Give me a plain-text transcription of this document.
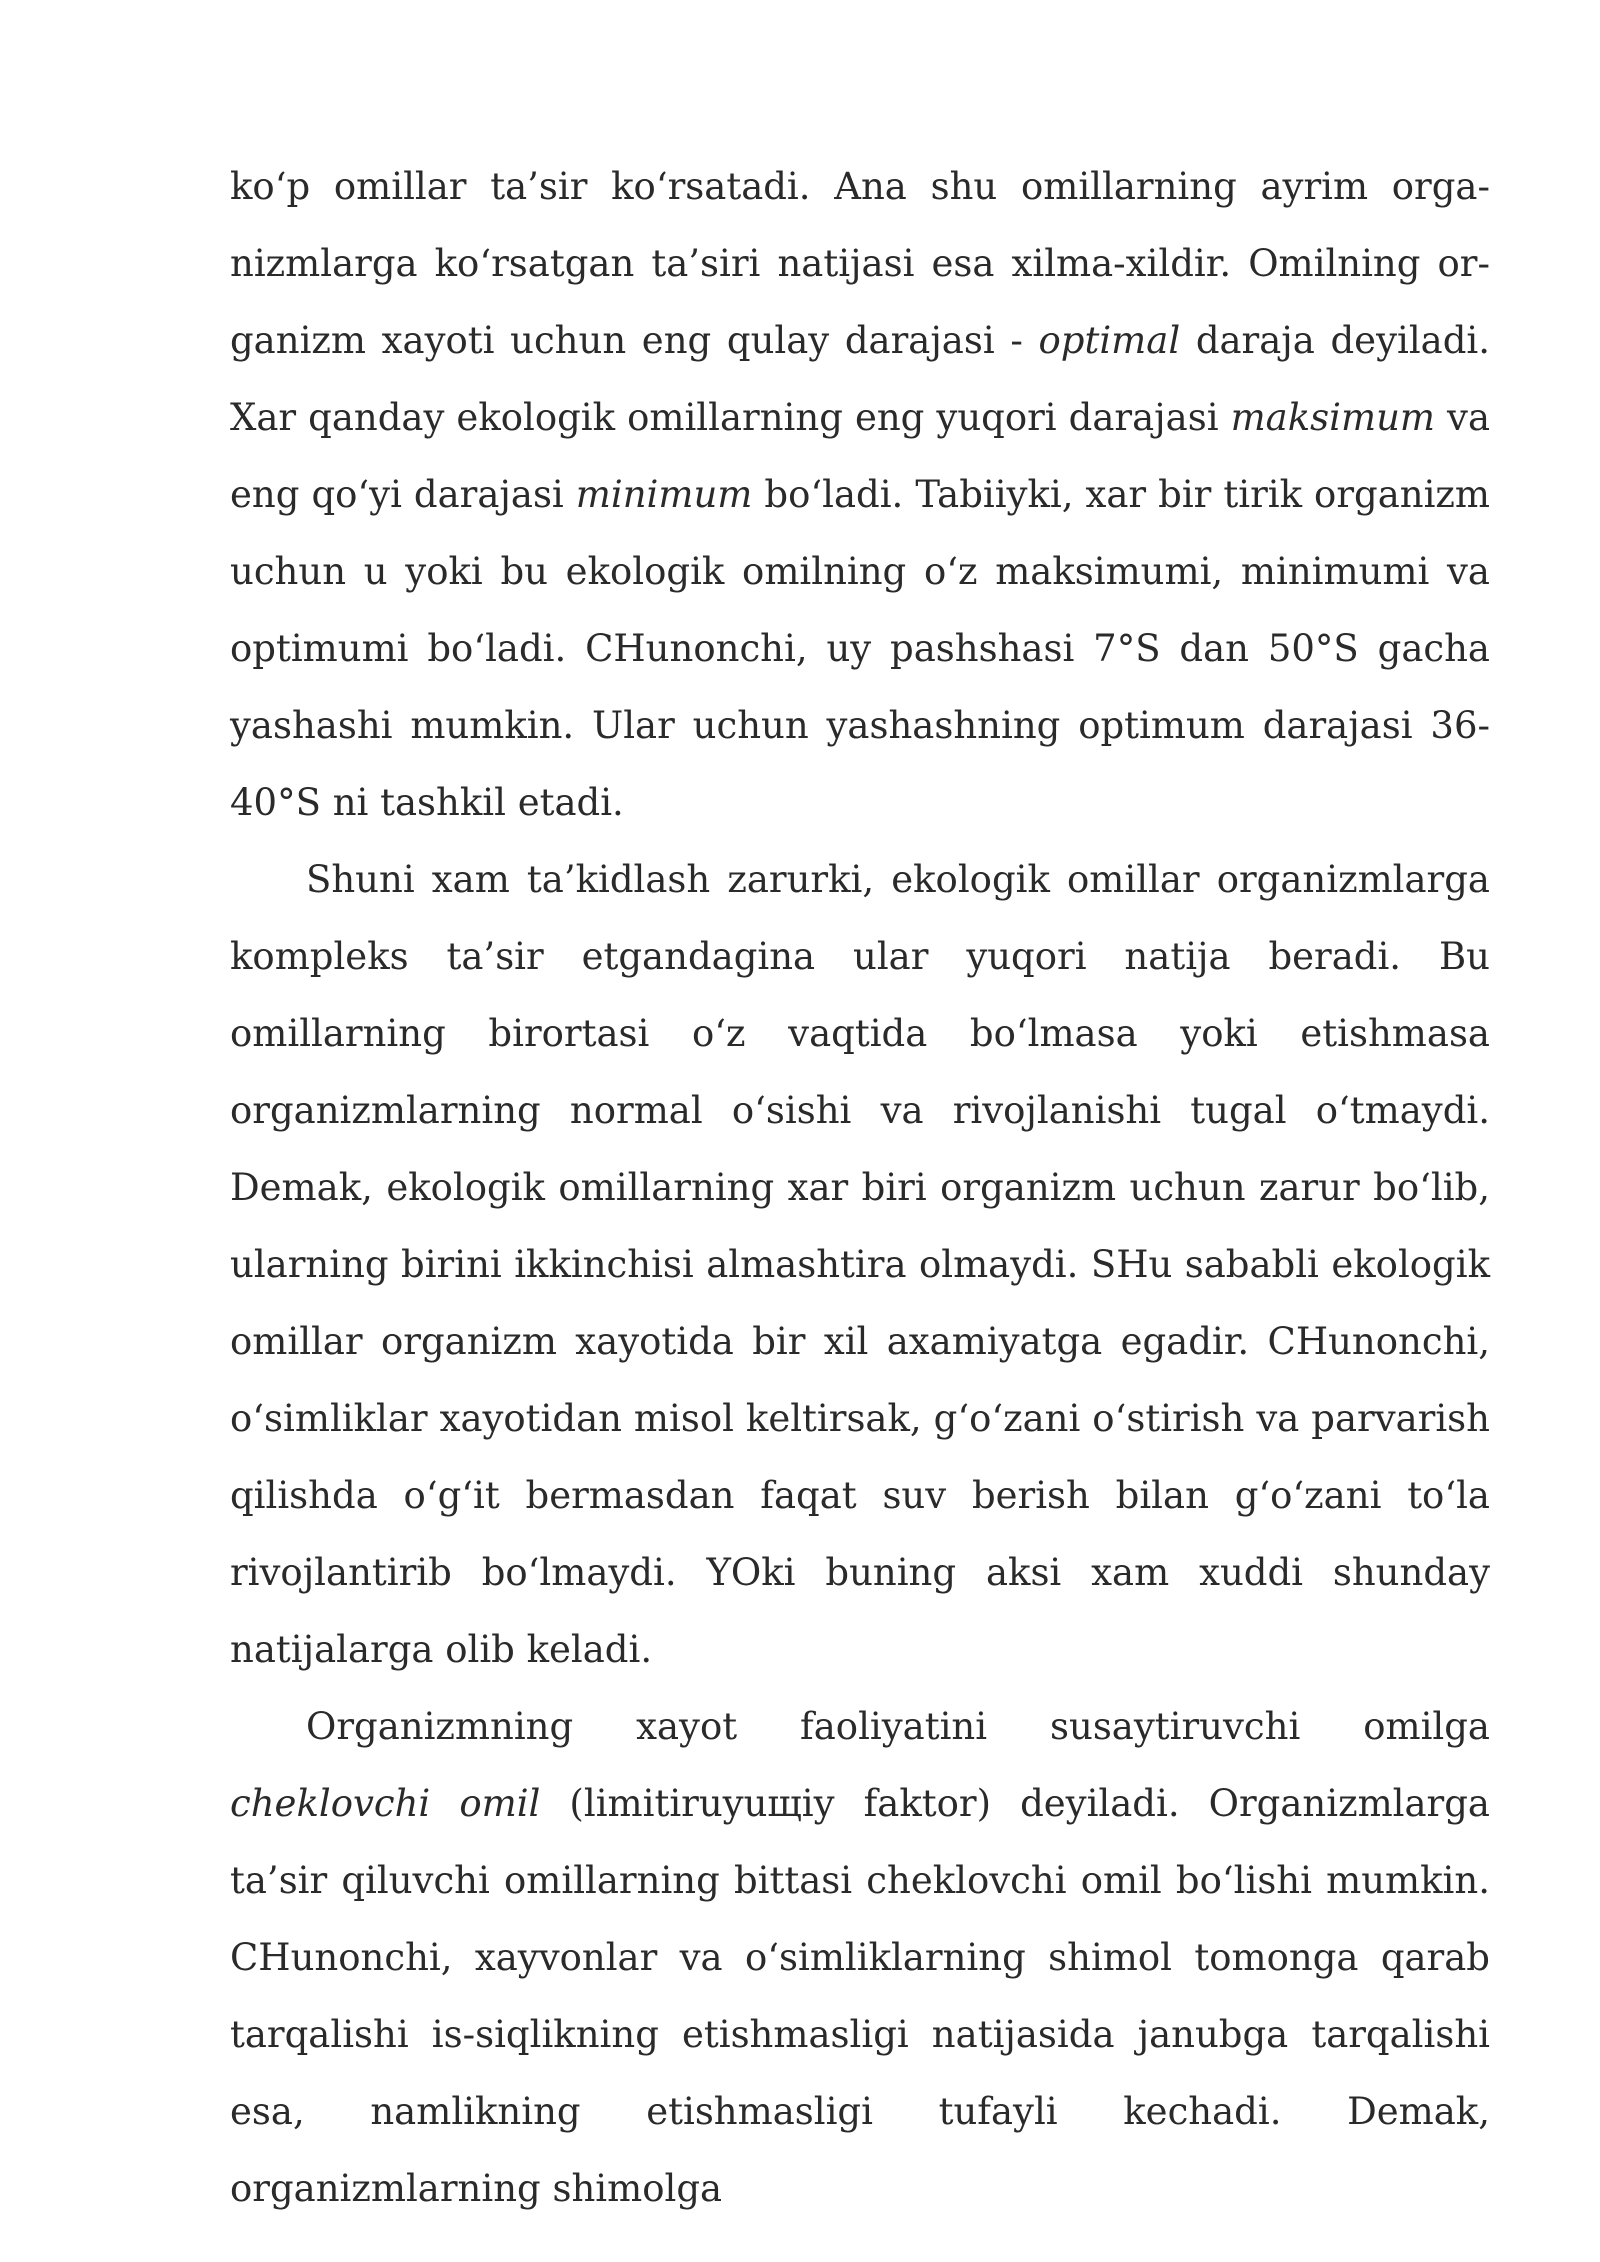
ko‘p omillar ta’sir ko‘rsatadi. Ana shu omillarning ayrim orga-nizmlarga ko‘rsatgan ta’siri natijasi esa xilma-xildir. Omilning or-ganizm xayoti uchun eng qulay darajasi - optimal daraja deyiladi. Xar qanday ekologik omillarning eng yuqori darajasi maksimum va eng qo‘yi darajasi minimum bo‘ladi. Tabiiyki, xar bir tirik organizm uchun u yoki bu ekologik omilning o‘z maksimumi, minimumi va optimumi bo‘ladi. CHunonchi, uy pashshasi 7°S dan 50°S gacha yashashi mumkin. Ular uchun yashashning optimum darajasi 36-40°S ni tashkil etadi.

Shuni xam ta’kidlash zarurki, ekologik omillar organizmlarga kompleks ta’sir etgandagina ular yuqori natija beradi. Bu omillarning birortasi o‘z vaqtida bo‘lmasa yoki etishmasa organizmlarning normal o‘sishi va rivojlanishi tugal o‘tmaydi. Demak, ekologik omillarning xar biri organizm uchun zarur bo‘lib, ularning birini ikkinchisi almashtira olmaydi. SHu sababli ekologik omillar organizm xayotida bir xil axamiyatga egadir. CHunonchi, o‘simliklar xayotidan misol keltirsak, g‘o‘zani o‘stirish va parvarish qilishda o‘g‘it bermasdan faqat suv berish bilan g‘o‘zani to‘la rivojlantirib bo‘lmaydi. YOki buning aksi xam xuddi shunday natijalarga olib keladi.

Organizmning xayot faoliyatini susaytiruvchi omilga cheklovchi omil (limitiruyuщiy faktor) deyiladi. Organizmlarga ta’sir qiluvchi omillarning bittasi cheklovchi omil bo‘lishi mumkin. CHunonchi, xayvonlar va o‘simliklarning shimol tomonga qarab tarqalishi is-siqlikning etishmasligi natijasida janubga tarqalishi esa, namlikning etishmasligi tufayli kechadi. Demak, organizmlarning shimolga
